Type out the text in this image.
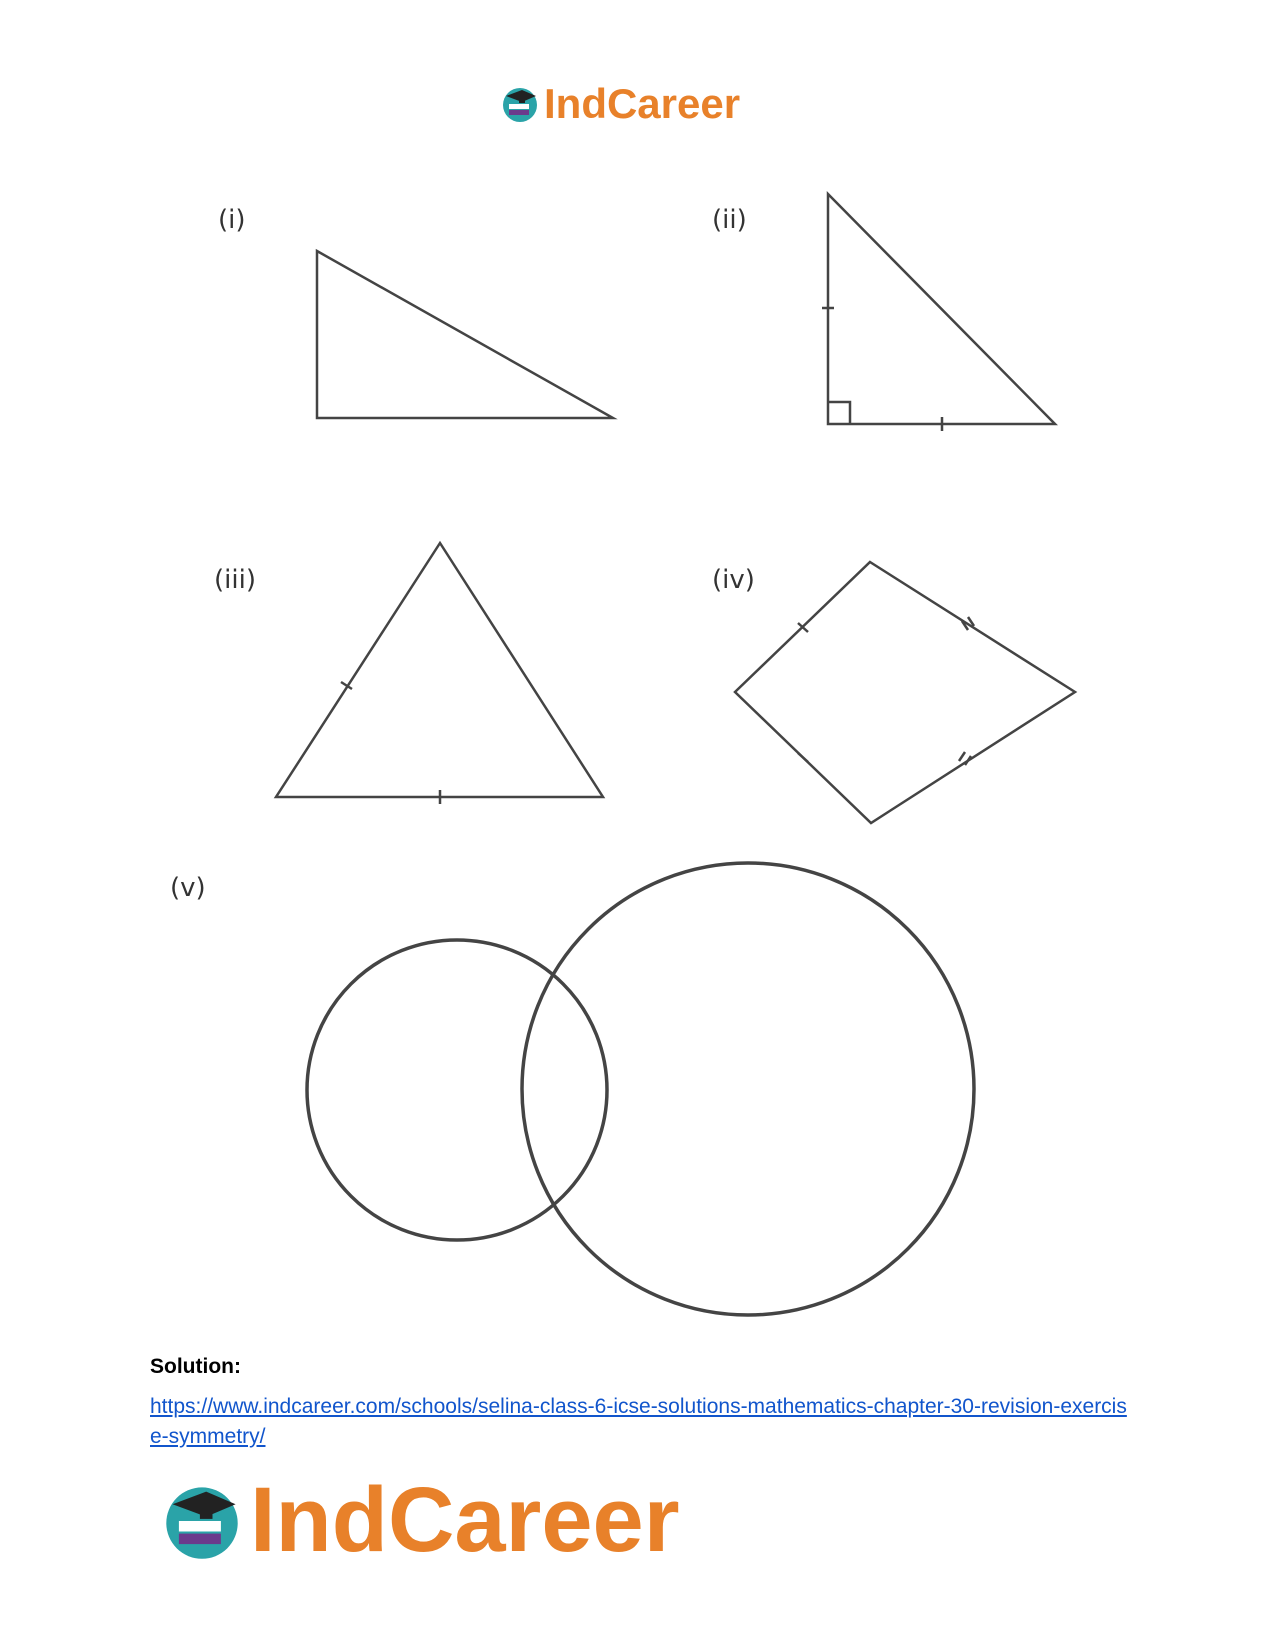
IndCareer
(i)	(ii)
(iii)	(iv)
(v)
Solution:
https://www.indcareer.com/schools/selina-class-6-icse-solutions-mathematics-chapter-30-revision-exercise-symmetry/
IndCareer
